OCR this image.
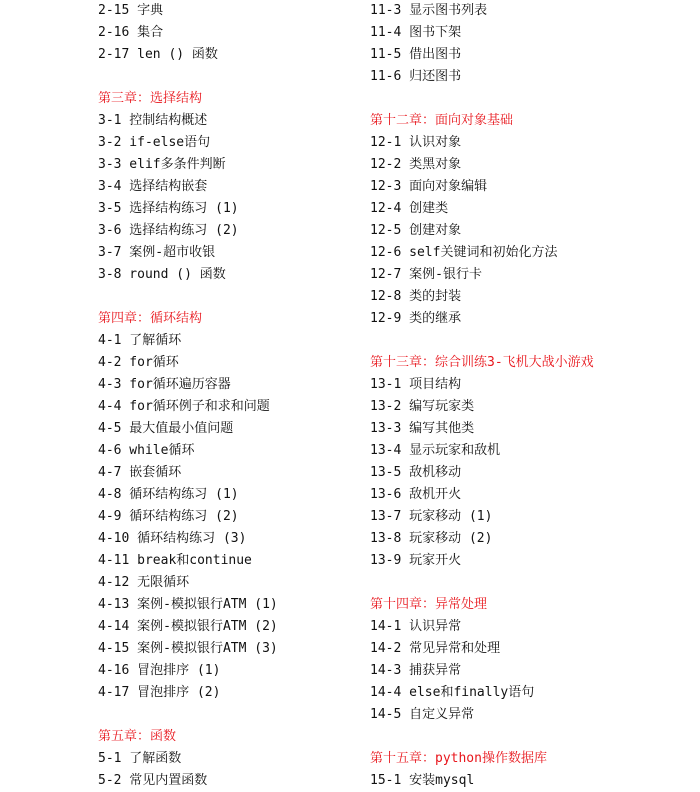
2-15 字典
2-16 集合
2-17 len () 函数
第三章：选择结构
3-1 控制结构概述
3-2 if-else语句
3-3 elif多条件判断
3-4 选择结构嵌套
3-5 选择结构练习 (1)
3-6 选择结构练习 (2)
3-7 案例-超市收银
3-8 round () 函数
第四章：循环结构
4-1 了解循环
4-2 for循环
4-3 for循环遍历容器
4-4 for循环例子和求和问题
4-5 最大值最小值问题
4-6 while循环
4-7 嵌套循环
4-8 循环结构练习 (1)
4-9 循环结构练习 (2)
4-10 循环结构练习 (3)
4-11 break和continue
4-12 无限循环
4-13 案例-模拟银行ATM (1)
4-14 案例-模拟银行ATM (2)
4-15 案例-模拟银行ATM (3)
4-16 冒泡排序 (1)
4-17 冒泡排序 (2)
第五章：函数
5-1 了解函数
5-2 常见内置函数
11-3 显示图书列表
11-4 图书下架
11-5 借出图书
11-6 归还图书
第十二章：面向对象基础
12-1 认识对象
12-2 类黑对象
12-3 面向对象编辑
12-4 创建类
12-5 创建对象
12-6 self关键词和初始化方法
12-7 案例-银行卡
12-8 类的封装
12-9 类的继承
第十三章：综合训练3-飞机大战小游戏
13-1 项目结构
13-2 编写玩家类
13-3 编写其他类
13-4 显示玩家和敌机
13-5 敌机移动
13-6 敌机开火
13-7 玩家移动 (1)
13-8 玩家移动 (2)
13-9 玩家开火
第十四章：异常处理
14-1 认识异常
14-2 常见异常和处理
14-3 捕获异常
14-4 else和finally语句
14-5 自定义异常
第十五章：python操作数据库
15-1 安装mysql
